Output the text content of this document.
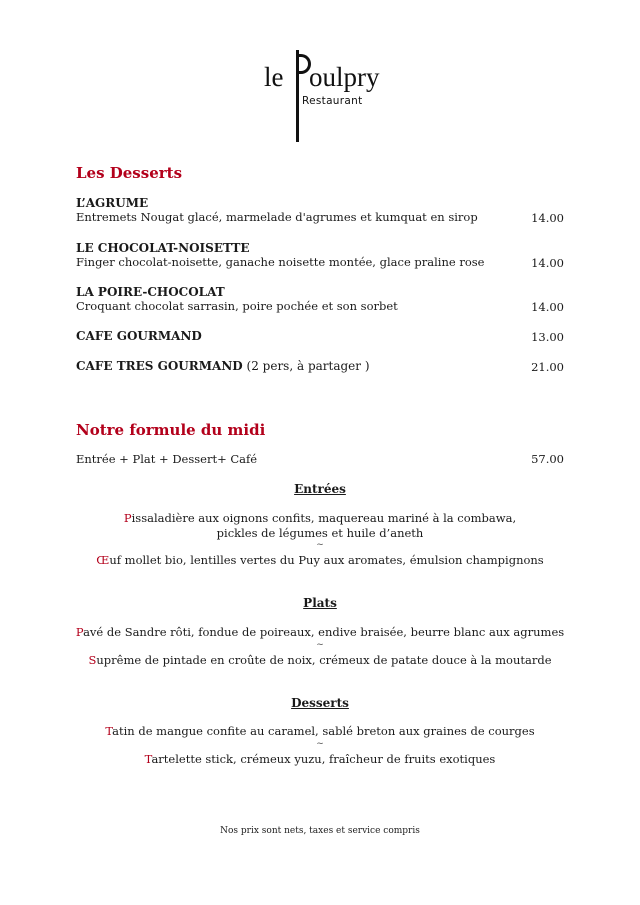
le oulpry
Restaurant
Les Desserts
L’AGRUME
Entremets Nougat glacé, marmelade d'agrumes et kumquat en sirop	14.00
LE CHOCOLAT-NOISETTE
Finger chocolat-noisette, ganache noisette montée, glace praline rose	14.00
LA POIRE-CHOCOLAT
Croquant chocolat sarrasin, poire pochée et son sorbet	14.00
CAFE GOURMAND	13.00
CAFE TRES GOURMAND (2 pers, à partager )	21.00
Notre formule du midi
Entrée + Plat + Dessert+ Café	57.00
Entrées
Pissaladière aux oignons confits, maquereau mariné à la combawa,
pickles de légumes et huile d’aneth
~
Œuf mollet bio, lentilles vertes du Puy aux aromates, émulsion champignons
Plats
Pavé de Sandre rôti, fondue de poireaux, endive braisée, beurre blanc aux agrumes
~
Suprême de pintade en croûte de noix, crémeux de patate douce à la moutarde
Desserts
Tatin de mangue confite au caramel, sablé breton aux graines de courges
~
Tartelette stick, crémeux yuzu, fraîcheur de fruits exotiques
Nos prix sont nets, taxes et service compris
